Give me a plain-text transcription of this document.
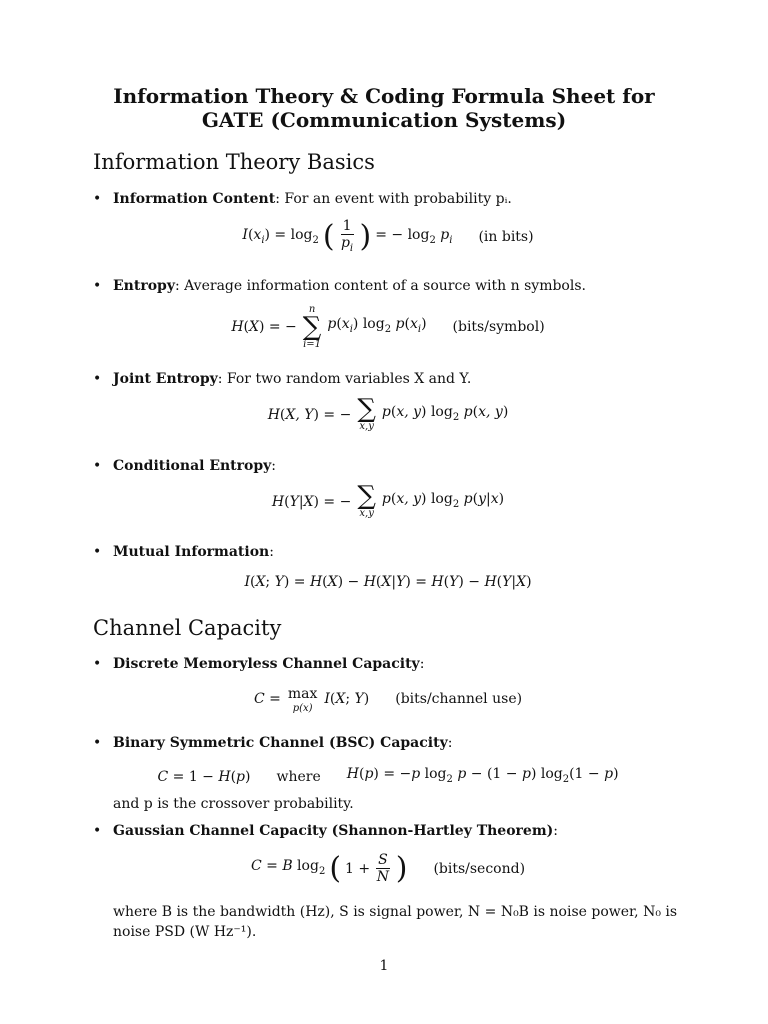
Information Theory & Coding Formula Sheet for
GATE (Communication Systems)
Information Theory Basics
• Information Content: For an event with probability pᵢ.
$I(x_i) = \log_2$ ( $\frac{1}{p_i}$ ) = − $\log_2 p_i$ (in bits)
• Entropy: Average information content of a source with n symbols.
H(X) = −
n
∑
i=1
$p(x_i)$ $\log_2 p(x_i)$ (bits/symbol)
• Joint Entropy: For two random variables X and Y.
H(X, Y) = − ∑
x,y
p(x, y) $\log_2 p(x$, y)
• Conditional Entropy:
H(Y|X) = − ∑
x,y
p(x, y) $\log_2 p(y|x)$
• Mutual Information:
I(X; Y) = H(X) − H(X|Y) = H(Y) − H(Y|X)
Channel Capacity
• Discrete Memoryless Channel Capacity:
C = max
p(x)
I(X; Y) (bits/channel use)
• Binary Symmetric Channel (BSC) Capacity:
C = 1 − H(p) where H(p) = −p $\log_2 p - (1 - p) \log_2(1 - p)$
and p is the crossover probability.
• Gaussian Channel Capacity (Shannon-Hartley Theorem):
C = B $\log_2$ ( $1 + \frac{S}{N}$ ) (bits/second)
where B is the bandwidth (Hz), S is signal power, N = N₀B is noise power, N₀ is noise PSD (W Hz⁻¹).
1
